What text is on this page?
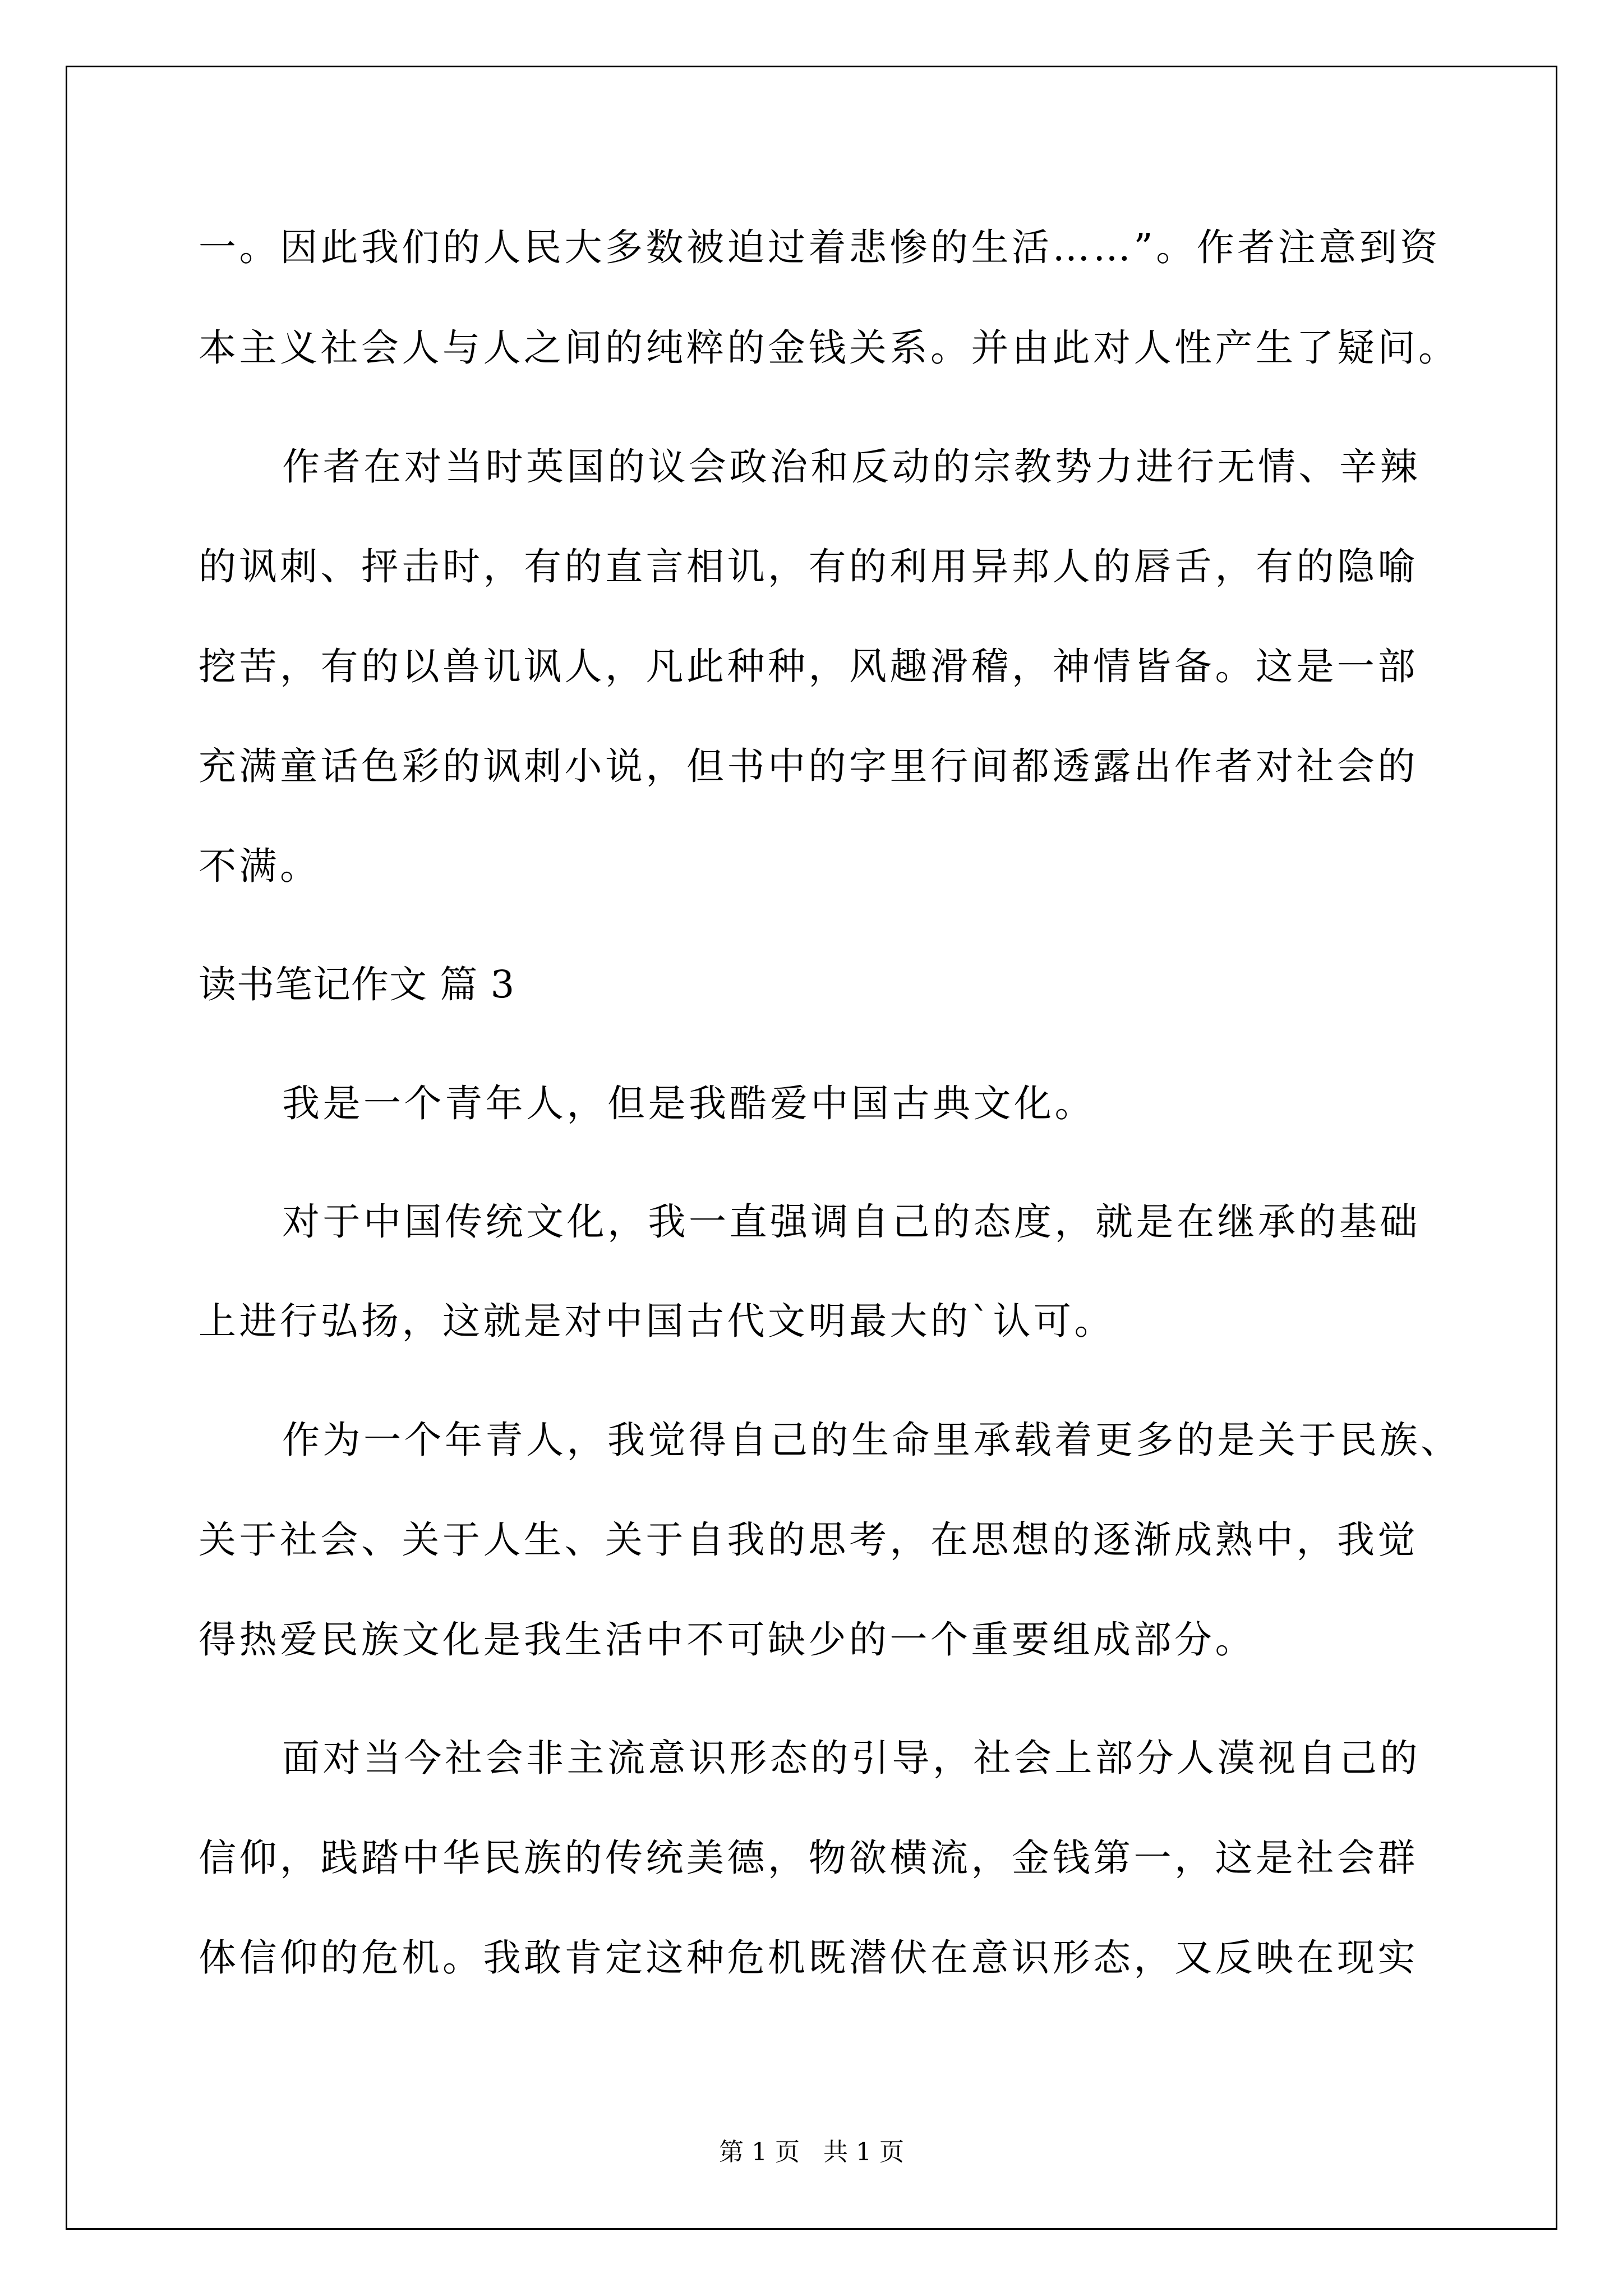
一。因此我们的人民大多数被迫过着悲惨的生活……”。作者注意到资
本主义社会人与人之间的纯粹的金钱关系。并由此对人性产生了疑问。
作者在对当时英国的议会政治和反动的宗教势力进行无情、辛辣
的讽刺、抨击时，有的直言相讥，有的利用异邦人的唇舌，有的隐喻
挖苦，有的以兽讥讽人，凡此种种，风趣滑稽，神情皆备。这是一部
充满童话色彩的讽刺小说，但书中的字里行间都透露出作者对社会的
不满。
读书笔记作文 篇 3
我是一个青年人，但是我酷爱中国古典文化。
对于中国传统文化，我一直强调自己的态度，就是在继承的基础
上进行弘扬，这就是对中国古代文明最大的`认可。
作为一个年青人，我觉得自己的生命里承载着更多的是关于民族、
关于社会、关于人生、关于自我的思考，在思想的逐渐成熟中，我觉
得热爱民族文化是我生活中不可缺少的一个重要组成部分。
面对当今社会非主流意识形态的引导，社会上部分人漠视自己的
信仰，践踏中华民族的传统美德，物欲横流，金钱第一，这是社会群
体信仰的危机。我敢肯定这种危机既潜伏在意识形态，又反映在现实
第 1 页   共 1 页
